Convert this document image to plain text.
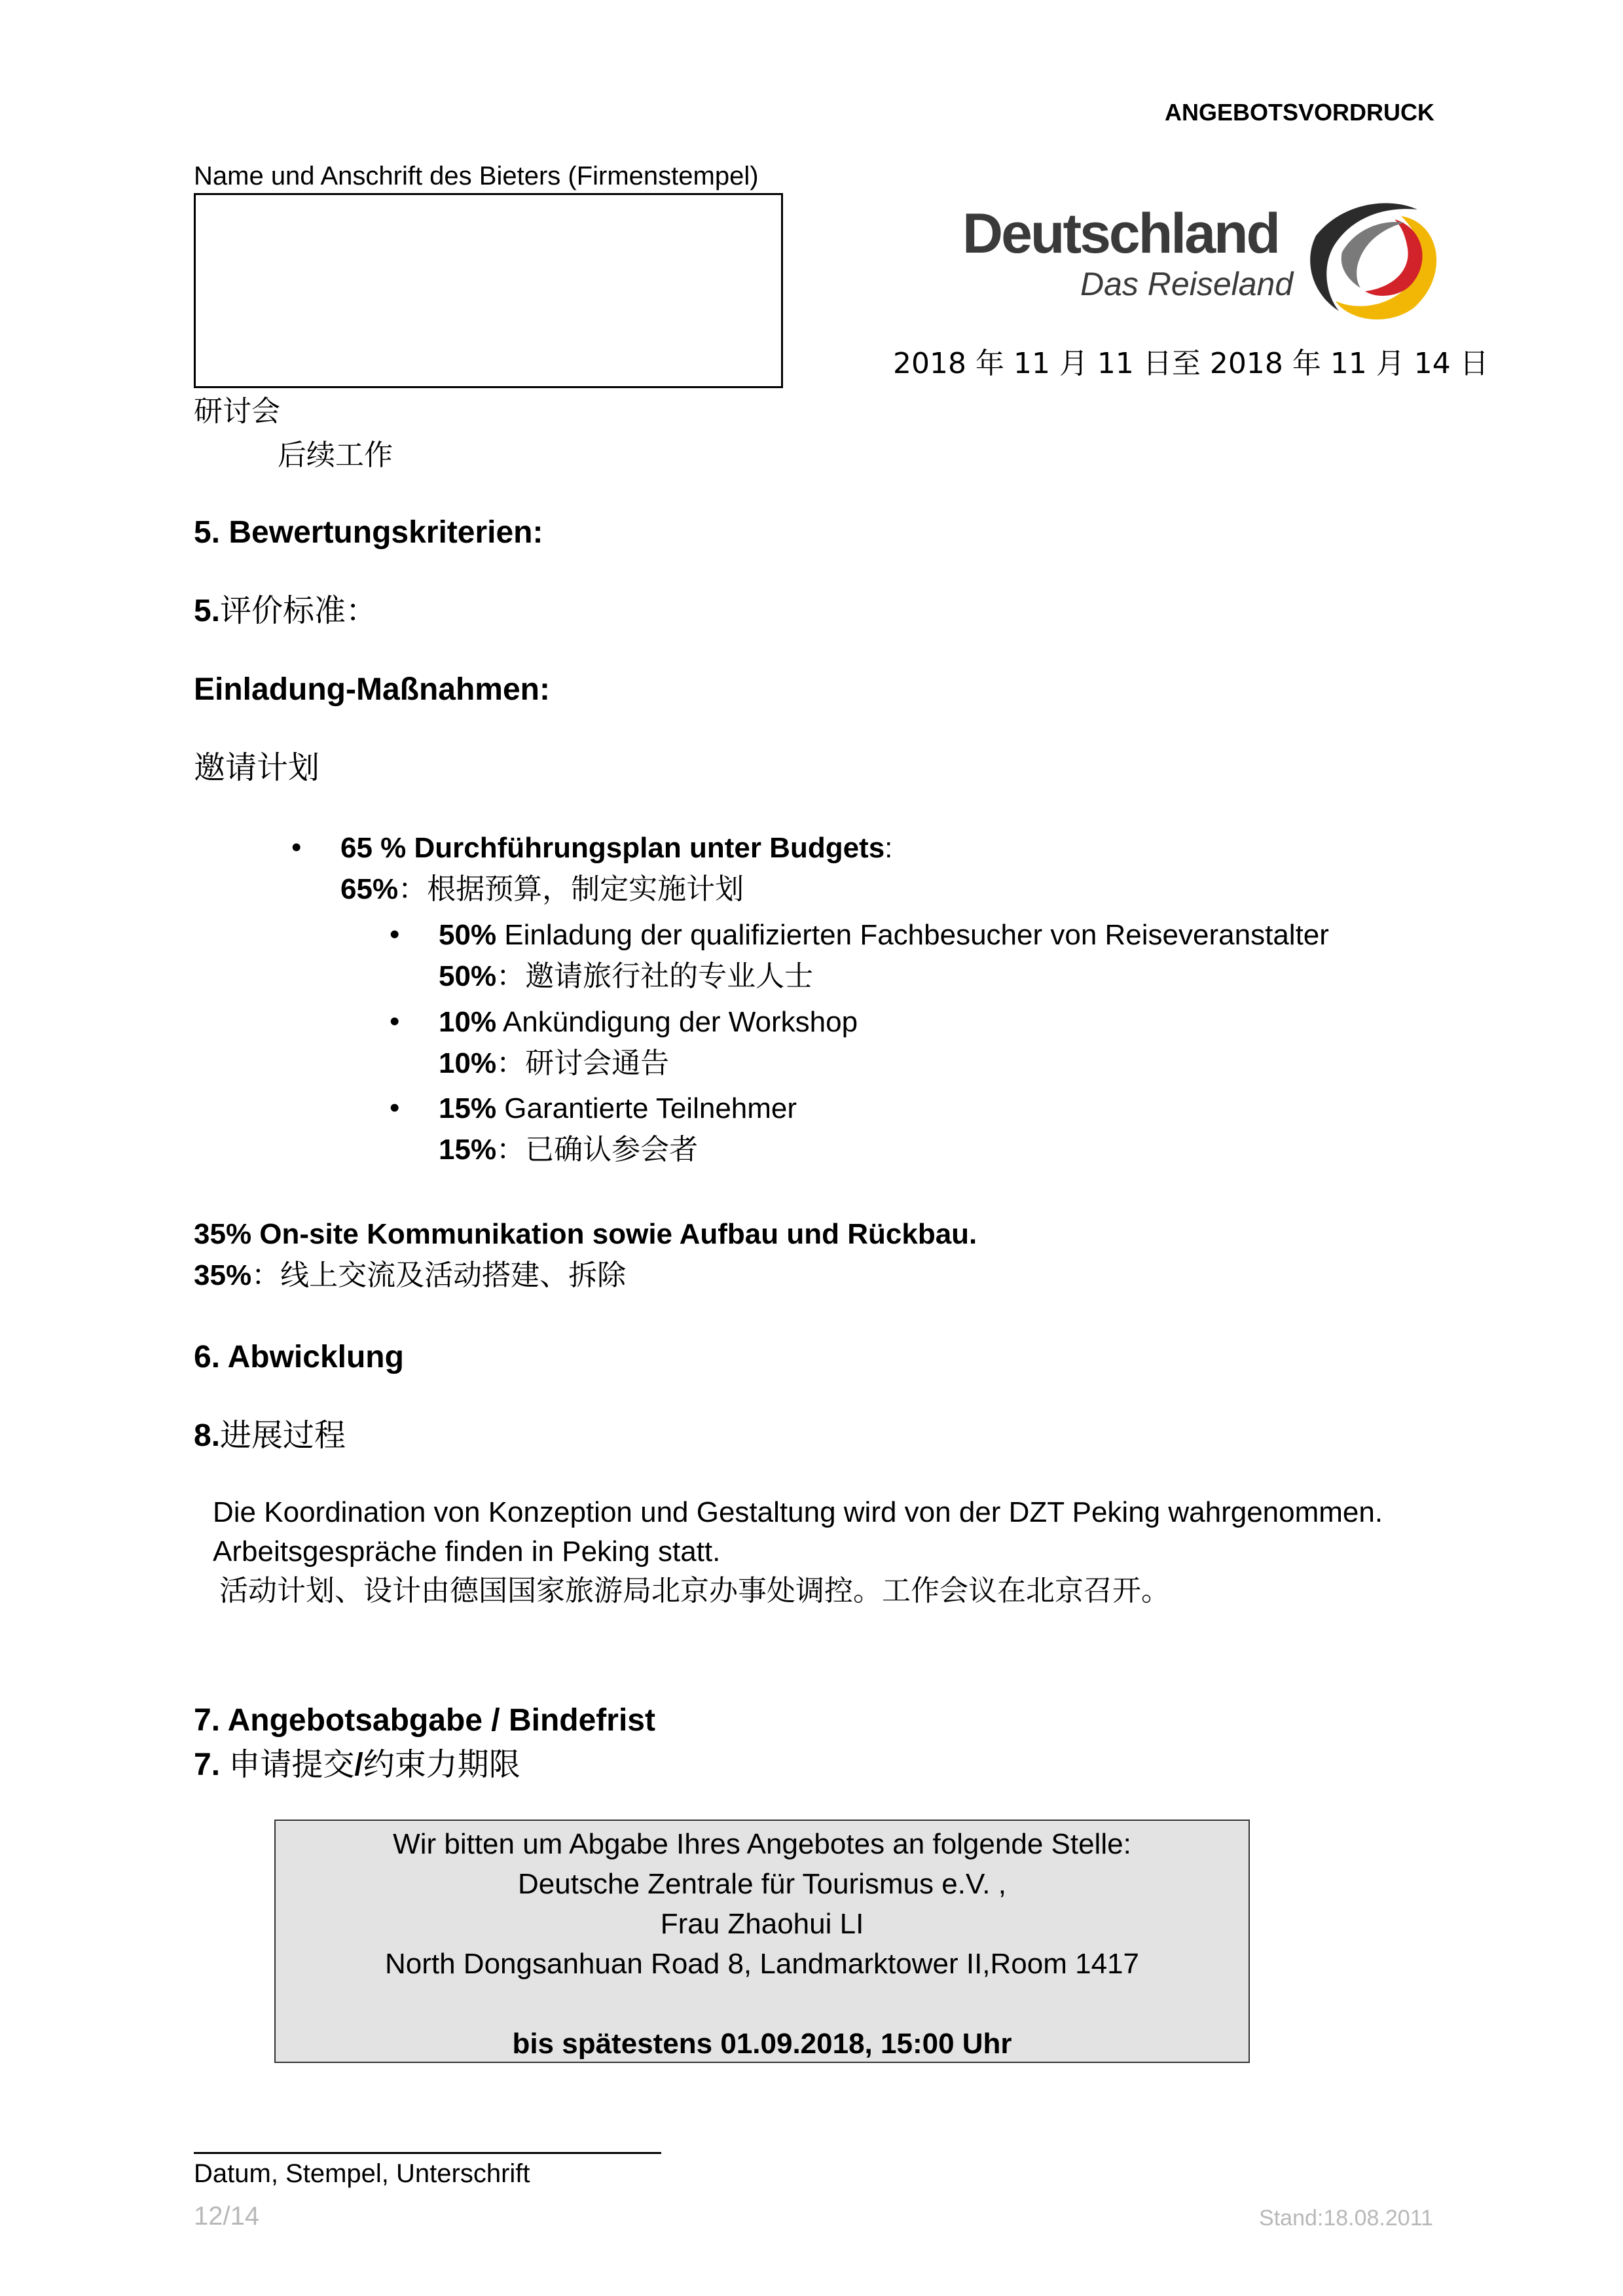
ANGEBOTSVORDRUCK
Name und Anschrift des Bieters (Firmenstempel)
Deutschland
Das Reiseland
2018 年 11 月 11 日至 2018 年 11 月 14 日
研讨会
后续工作
5. Bewertungskriterien:
5.评价标准：
Einladung-Maßnahmen:
邀请计划
• 65 % Durchführungsplan unter Budgets:
65%：根据预算，制定实施计划
• 50% Einladung der qualifizierten Fachbesucher von Reiseveranstalter
50%：邀请旅行社的专业人士
• 10% Ankündigung der Workshop
10%：研讨会通告
• 15% Garantierte Teilnehmer
15%：已确认参会者
35% On-site Kommunikation sowie Aufbau und Rückbau.
35%：线上交流及活动搭建、拆除
6. Abwicklung
8.进展过程
Die Koordination von Konzeption und Gestaltung wird von der DZT Peking wahrgenommen.
Arbeitsgespräche finden in Peking statt.
活动计划、设计由德国国家旅游局北京办事处调控。工作会议在北京召开。
7. Angebotsabgabe / Bindefrist
7. 申请提交/约束力期限
Wir bitten um Abgabe Ihres Angebotes an folgende Stelle:
Deutsche Zentrale für Tourismus e.V. ,
Frau Zhaohui LI
North Dongsanhuan Road 8, Landmarktower II,Room 1417
bis spätestens 01.09.2018, 15:00 Uhr
Datum, Stempel, Unterschrift
12/14	Stand:18.08.2011
